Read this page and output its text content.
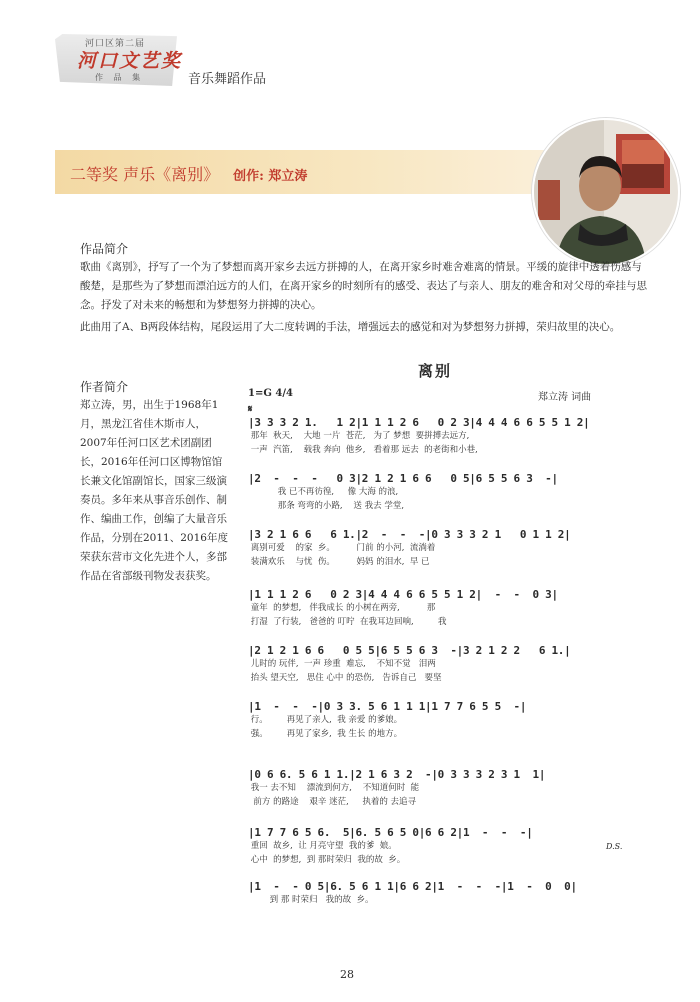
河口区第二届
河口文艺奖
作 品 集	音乐舞蹈作品
二等奖 声乐《离别》 创作: 郑立涛
作品简介
歌曲《离别》，抒写了一个为了梦想而离开家乡去远方拼搏的人，在离开家乡时难舍难离的情景。平缓的旋律中透着伤感与酸楚，是那些为了梦想而漂泊远方的人们，在离开家乡的时刻所有的感受、表达了与亲人、朋友的难舍和对父母的牵挂与思念。抒发了对未来的畅想和为梦想努力拼搏的决心。
此曲用了A、B两段体结构，尾段运用了大二度转调的手法，增强远去的感觉和对为梦想努力拼搏，荣归故里的决心。
作者简介
郑立涛，男，出生于1968年1月，黑龙江省佳木斯市人，2007年任河口区艺术团副团长，2016年任河口区博物馆馆长兼文化馆副馆长，国家三级演奏员。多年来从事音乐创作、制作、编曲工作，创编了大量音乐作品，分别在2011、2016年度荣获东营市文化先进个人，多部作品在省部级刊物发表获奖。
离别
郑立涛 词曲
1=G 4/4
𝄋
|3 3 3 2 1.   1 2|1 1 1 2 6   0 2 3|4 4 4 6 6 5 5 1 2|
那年  秋天,    大地 一片  苍茫,   为了 梦想  要拼搏去远方,
一声  汽笛,    载我 奔向  他乡,   看着那 远去  的老街和小巷,
|2  -  -  -   0 3|2 1 2 1 6 6   0 5|6 5 5 6 3  -|
我 已不再彷徨,     像 大海 的浪,
那条 弯弯的小路,    送 我去 学堂,
|3 2 1 6 6   6 1.|2  -  -  -|0 3 3 3 2 1   0 1 1 2|
离别可爱    的家  乡。        门前 的小河,  流淌着
装满欢乐    与忧  伤。        妈妈 的泪水,  早 已
|1 1 1 2 6   0 2 3|4 4 4 6 6 5 5 1 2|  -  -  0 3|
童年  的梦想,   伴我成长 的小树在两旁,          那
打湿  了行装,   爸爸的 叮咛  在我耳边回响,         我
|2 1 2 1 6 6   0 5 5|6 5 5 6 3  -|3 2 1 2 2   6 1.|
儿时的 玩伴,  一声 珍重  难忘,    不知不觉   泪两
抬头 望天空,   思住 心中 的恐伤,   告诉自己   要坚
|1  -  -  -|0 3 3. 5 6 1 1 1|1 7 7 6 5 5  -|
行。       再见了亲人,  我 亲爱 的爹娘。
强。       再见了家乡,  我 生长 的地方。
|0 6 6. 5 6 1 1.|2 1 6 3 2  -|0 3 3 3 2 3 1  1|
我一 去不知    漂流到何方,    不知道何时  能
前方 的路途    艰辛 迷茫,     执着的 去追寻
|1 7 7 6 5 6.  5|6. 5 6 5 0|6 6 2|1  -  -  -|
重回  故乡,  让 月亮守望  我的爹  娘。
心中  的梦想,  到 那时荣归  我的故  乡。
D.S.
|1  -  - 0 5|6. 5 6 1 1|6 6 2|1  -  -  -|1  -  0  0|
到 那 时荣归   我的故  乡。
28
